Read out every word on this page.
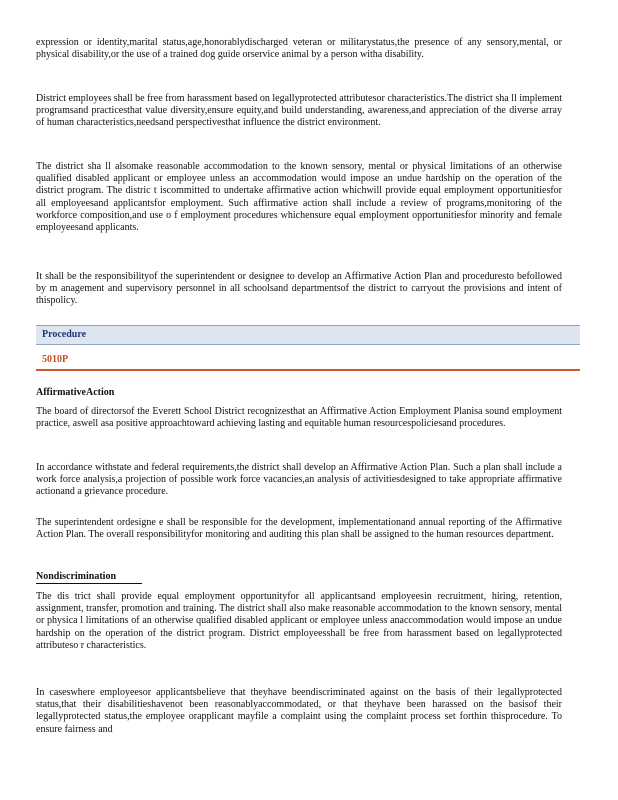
expression or identity,marital status,age,honorablydischarged veteran or militarystatus,the presence of any sensory,mental, or physical disability,or the use of a trained dog guide orservice animal by a person witha disability.

District employees shall be free from harassment based on legallyprotected attributesor characteristics.The district sha ll implement programsand practicesthat value diversity,ensure equity,and build understanding, awareness,and appreciation of the diverse array of human characteristics,needsand perspectivesthat influence the district environment.

The district sha ll alsomake reasonable accommodation to the known sensory, mental or physical limitations of an otherwise qualified disabled applicant or employee unless an accommodation would impose an undue hardship on the operation of the district program. The distric t iscommitted to undertake affirmative action whichwill provide equal employment opportunitiesfor all employeesand applicantsfor employment. Such affirmative action shall include a review of programs,monitoring of the workforce composition,and use o f employment procedures whichensure equal employment opportunitiesfor minority and female employeesand applicants.

It shall be the responsibilityof the superintendent or designee to develop an Affirmative Action Plan and proceduresto befollowed by m anagement and supervisory personnel in all schoolsand departmentsof the district to carryout the provisions and intent of thispolicy.

Procedure
5010P
AffirmativeAction

The board of directorsof the Everett School District recognizesthat an Affirmative Action Employment Planisa sound employment practice, aswell asa positive approachtoward achieving lasting and equitable human resourcespoliciesand procedures.

In accordance withstate and federal requirements,the district shall develop an Affirmative Action Plan. Such a plan shall include a work force analysis,a projection of possible work force vacancies,an analysis of activitiesdesigned to take appropriate affirmative actionand a grievance procedure.

The superintendent ordesigne e shall be responsible for the development, implementationand annual reporting of the Affirmative Action Plan. The overall responsibilityfor monitoring and auditing this plan shall be assigned to the human resources department.

Nondiscrimination

The dis trict shall provide equal employment opportunityfor all applicantsand employeesin recruitment, hiring, retention, assignment, transfer, promotion and training. The district shall also make reasonable accommodation to the known sensory, mental or physica l limitations of an otherwise qualified disabled applicant or employee unless anaccommodation would impose an undue hardship on the operation of the district program. District employeesshall be free from harassment based on legallyprotected attributeso r characteristics.

In caseswhere employeesor applicantsbelieve that theyhave beendiscriminated against on the basis of their legallyprotected status,that their disabilitieshavenot been reasonablyaccommodated, or that theyhave been harassed on the basisof their legallyprotected status,the employee orapplicant mayfile a complaint using the complaint process set forthin thisprocedure. To ensure fairness and
